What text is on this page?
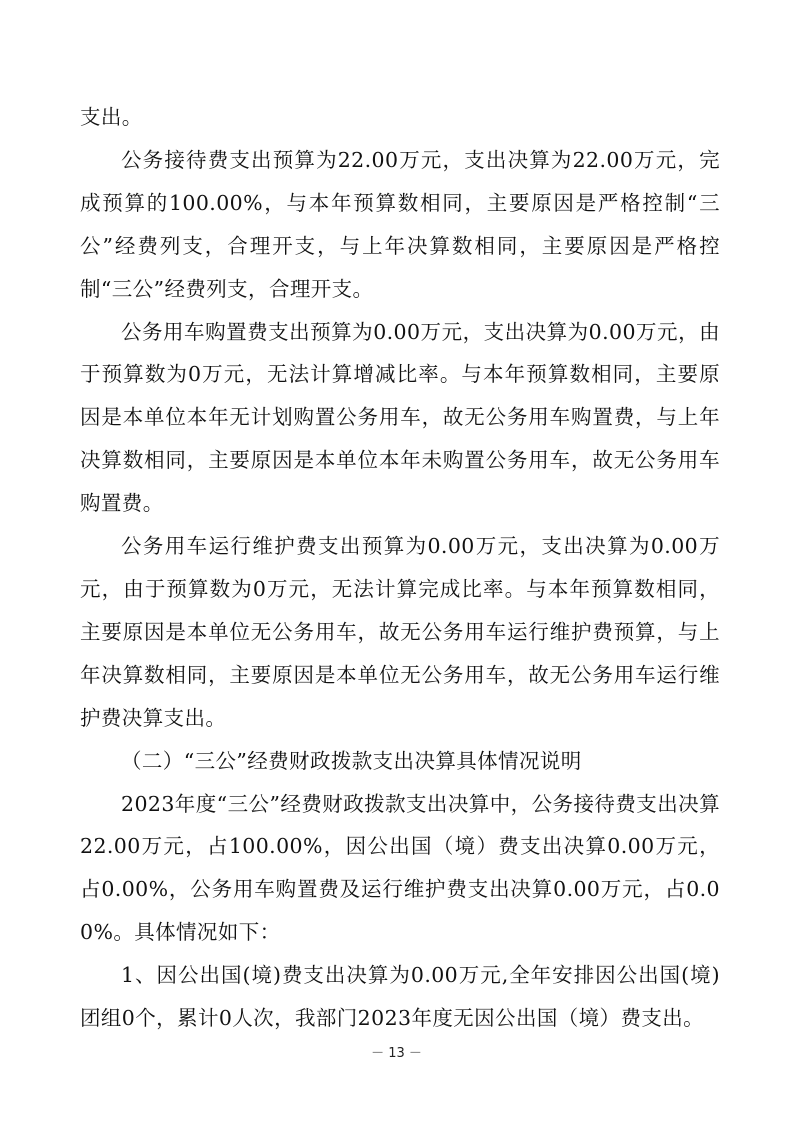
支出。

公务接待费支出预算为22.00万元，支出决算为22.00万元，完成预算的100.00%，与本年预算数相同，主要原因是严格控制“三公”经费列支，合理开支，与上年决算数相同，主要原因是严格控制“三公”经费列支，合理开支。

公务用车购置费支出预算为0.00万元，支出决算为0.00万元，由于预算数为0万元，无法计算增减比率。与本年预算数相同，主要原因是本单位本年无计划购置公务用车，故无公务用车购置费，与上年决算数相同，主要原因是本单位本年未购置公务用车，故无公务用车购置费。

公务用车运行维护费支出预算为0.00万元，支出决算为0.00万元，由于预算数为0万元，无法计算完成比率。与本年预算数相同，主要原因是本单位无公务用车，故无公务用车运行维护费预算，与上年决算数相同，主要原因是本单位无公务用车，故无公务用车运行维护费决算支出。

（二）“三公”经费财政拨款支出决算具体情况说明

2023年度“三公”经费财政拨款支出决算中，公务接待费支出决算22.00万元，占100.00%，因公出国（境）费支出决算0.00万元，占0.00%，公务用车购置费及运行维护费支出决算0.00万元，占0.00%。具体情况如下：

1、因公出国(境)费支出决算为0.00万元,全年安排因公出国(境)团组0个，累计0人次，我部门2023年度无因公出国（境）费支出。

－ 13 －
